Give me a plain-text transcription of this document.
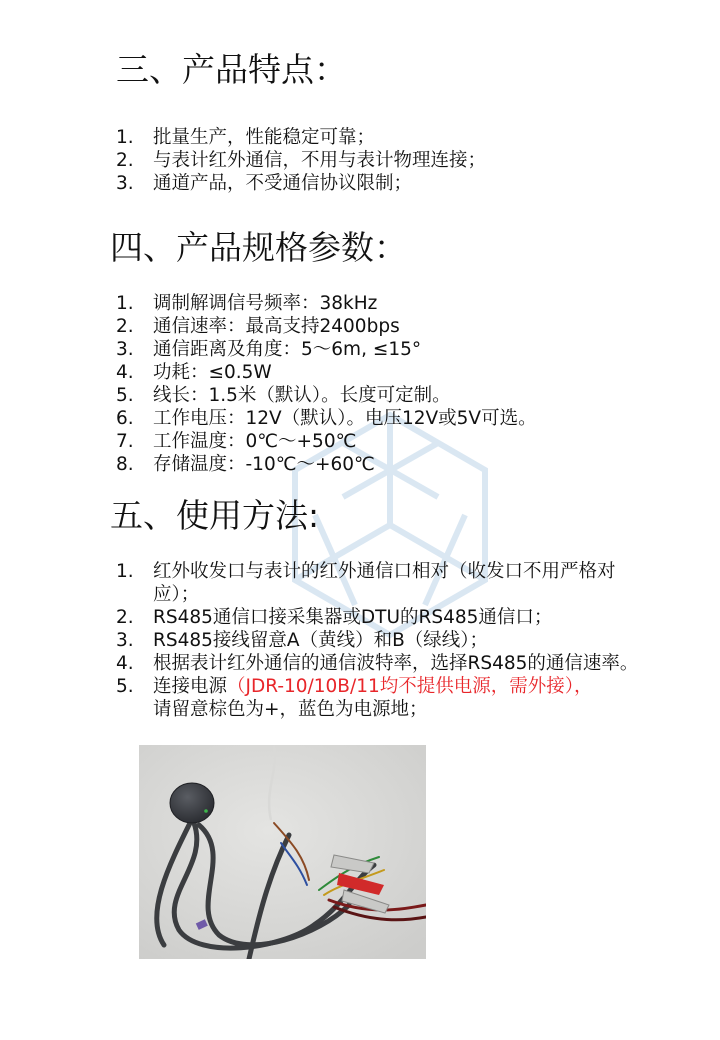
三、产品特点：
1. 批量生产，性能稳定可靠；
2. 与表计红外通信，不用与表计物理连接；
3. 通道产品，不受通信协议限制；
四、产品规格参数：
1. 调制解调信号频率：38kHz
2. 通信速率：最高支持2400bps
3. 通信距离及角度：5～6m, ≤15°
4. 功耗：≤0.5W
5. 线长：1.5米（默认）。长度可定制。
6. 工作电压：12V（默认）。电压12V或5V可选。
7. 工作温度：0℃～+50℃
8. 存储温度：-10℃～+60℃
五、使用方法:
1. 红外收发口与表计的红外通信口相对（收发口不用严格对应）；
2. RS485通信口接采集器或DTU的RS485通信口；
3. RS485接线留意A（黄线）和B（绿线）；
4. 根据表计红外通信的通信波特率，选择RS485的通信速率。
5. 连接电源（JDR-10/10B/11均不提供电源，需外接），
请留意棕色为+，蓝色为电源地；
